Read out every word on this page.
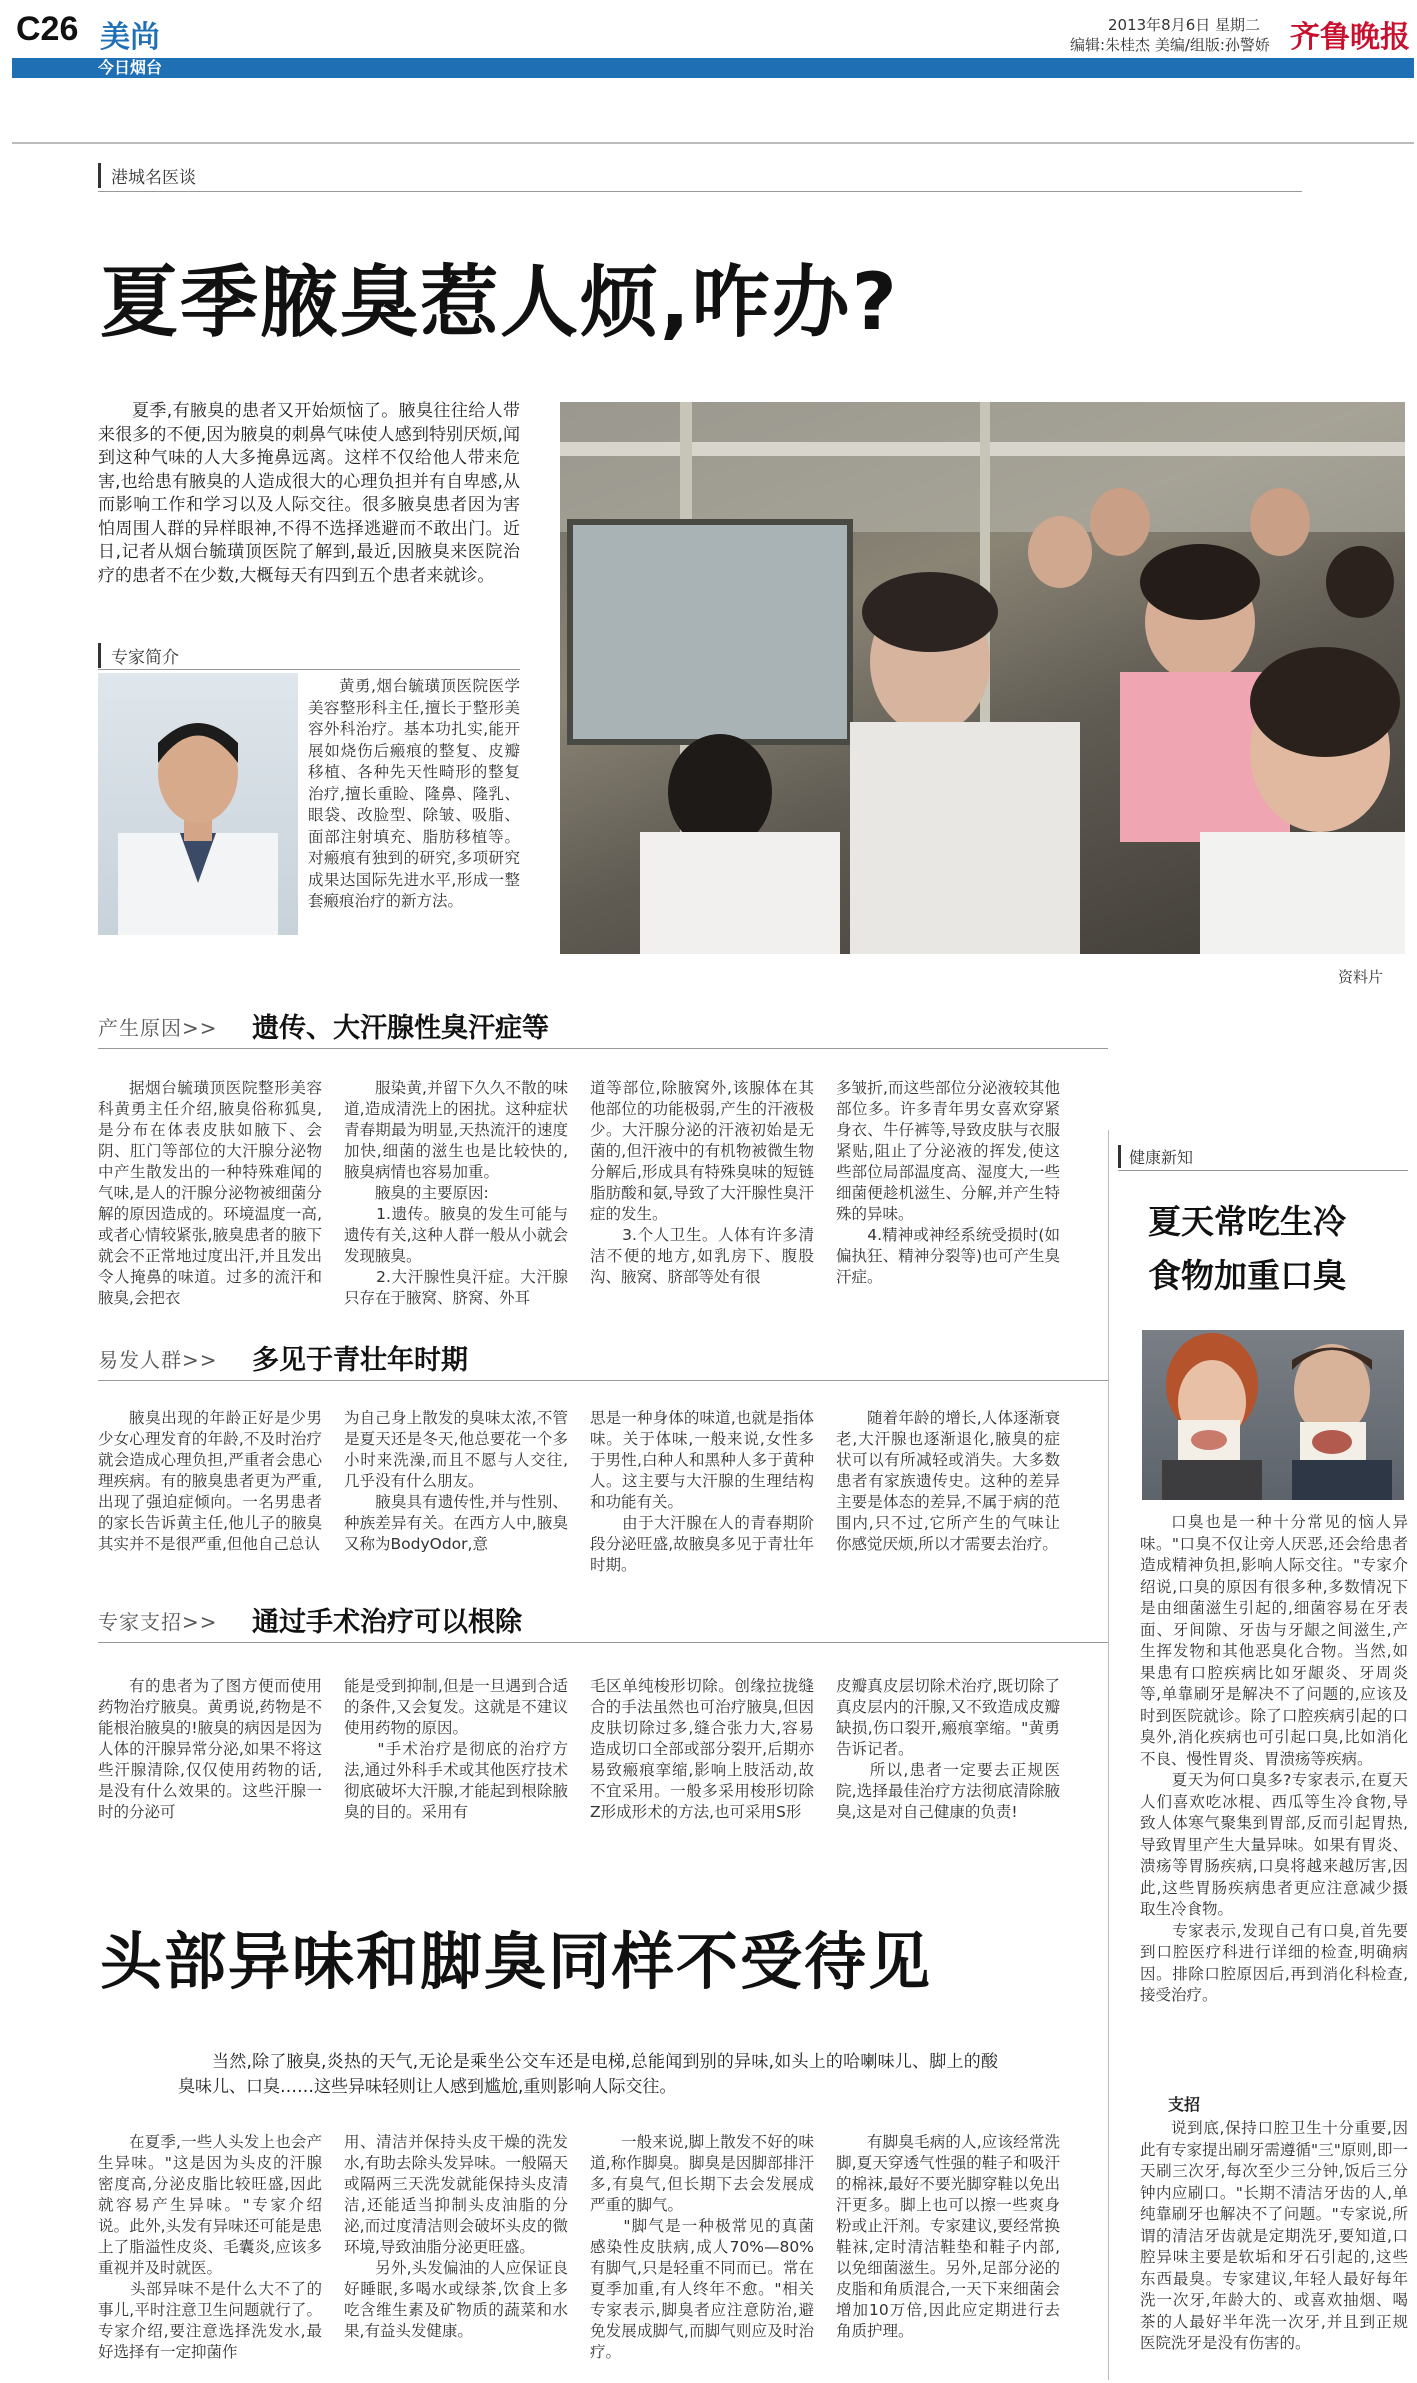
C26 美尚
今日烟台
2013年8月6日 星期二
编辑:朱桂杰 美编/组版:孙警娇 齐鲁晚报
港城名医谈
夏季腋臭惹人烦,咋办?
夏季,有腋臭的患者又开始烦恼了。腋臭往往给人带来很多的不便,因为腋臭的刺鼻气味使人感到特别厌烦,闻到这种气味的人大多掩鼻远离。这样不仅给他人带来危害,也给患有腋臭的人造成很大的心理负担并有自卑感,从而影响工作和学习以及人际交往。很多腋臭患者因为害怕周围人群的异样眼神,不得不选择逃避而不敢出门。近日,记者从烟台毓璜顶医院了解到,最近,因腋臭来医院治疗的患者不在少数,大概每天有四到五个患者来就诊。
资料片
专家简介
黄勇,烟台毓璜顶医院医学美容整形科主任,擅长于整形美容外科治疗。基本功扎实,能开展如烧伤后瘢痕的整复、皮瓣移植、各种先天性畸形的整复治疗,擅长重睑、隆鼻、隆乳、眼袋、改脸型、除皱、吸脂、面部注射填充、脂肪移植等。对瘢痕有独到的研究,多项研究成果达国际先进水平,形成一整套瘢痕治疗的新方法。
产生原因>> 遗传、大汗腺性臭汗症等
据烟台毓璜顶医院整形美容科黄勇主任介绍,腋臭俗称狐臭,是分布在体表皮肤如腋下、会阴、肛门等部位的大汗腺分泌物中产生散发出的一种特殊难闻的气味,是人的汗腺分泌物被细菌分解的原因造成的。环境温度一高,或者心情较紧张,腋臭患者的腋下就会不正常地过度出汗,并且发出令人掩鼻的味道。过多的流汗和腋臭,会把衣
服染黄,并留下久久不散的味道,造成清洗上的困扰。这种症状青春期最为明显,天热流汗的速度加快,细菌的滋生也是比较快的,腋臭病情也容易加重。
　　腋臭的主要原因:
　　1.遗传。腋臭的发生可能与遗传有关,这种人群一般从小就会发现腋臭。
　　2.大汗腺性臭汗症。大汗腺只存在于腋窝、脐窝、外耳
道等部位,除腋窝外,该腺体在其他部位的功能极弱,产生的汗液极少。大汗腺分泌的汗液初始是无菌的,但汗液中的有机物被微生物分解后,形成具有特殊臭味的短链脂肪酸和氨,导致了大汗腺性臭汗症的发生。
　　3.个人卫生。人体有许多清洁不便的地方,如乳房下、腹股沟、腋窝、脐部等处有很
多皱折,而这些部位分泌液较其他部位多。许多青年男女喜欢穿紧身衣、牛仔裤等,导致皮肤与衣服紧贴,阻止了分泌液的挥发,使这些部位局部温度高、湿度大,一些细菌便趁机滋生、分解,并产生特殊的异味。
　　4.精神或神经系统受损时(如偏执狂、精神分裂等)也可产生臭汗症。
易发人群>> 多见于青壮年时期
腋臭出现的年龄正好是少男少女心理发育的年龄,不及时治疗就会造成心理负担,严重者会患心理疾病。有的腋臭患者更为严重,出现了强迫症倾向。一名男患者的家长告诉黄主任,他儿子的腋臭其实并不是很严重,但他自己总认
为自己身上散发的臭味太浓,不管是夏天还是冬天,他总要花一个多小时来洗澡,而且不愿与人交往,几乎没有什么朋友。
　　腋臭具有遗传性,并与性别、种族差异有关。在西方人中,腋臭又称为BodyOdor,意
思是一种身体的味道,也就是指体味。关于体味,一般来说,女性多于男性,白种人和黑种人多于黄种人。这主要与大汗腺的生理结构和功能有关。
　　由于大汗腺在人的青春期阶段分泌旺盛,故腋臭多见于青壮年时期。
随着年龄的增长,人体逐渐衰老,大汗腺也逐渐退化,腋臭的症状可以有所减轻或消失。大多数患者有家族遗传史。这种的差异主要是体态的差异,不属于病的范围内,只不过,它所产生的气味让你感觉厌烦,所以才需要去治疗。
专家支招>> 通过手术治疗可以根除
有的患者为了图方便而使用药物治疗腋臭。黄勇说,药物是不能根治腋臭的!腋臭的病因是因为人体的汗腺异常分泌,如果不将这些汗腺清除,仅仅使用药物的话,是没有什么效果的。这些汗腺一时的分泌可
能是受到抑制,但是一旦遇到合适的条件,又会复发。这就是不建议使用药物的原因。
　　"手术治疗是彻底的治疗方法,通过外科手术或其他医疗技术彻底破坏大汗腺,才能起到根除腋臭的目的。采用有
毛区单纯梭形切除。创缘拉拢缝合的手法虽然也可治疗腋臭,但因皮肤切除过多,缝合张力大,容易造成切口全部或部分裂开,后期亦易致瘢痕挛缩,影响上肢活动,故不宜采用。一般多采用梭形切除Z形成形术的方法,也可采用S形
皮瓣真皮层切除术治疗,既切除了真皮层内的汗腺,又不致造成皮瓣缺损,伤口裂开,瘢痕挛缩。"黄勇告诉记者。
　　所以,患者一定要去正规医院,选择最佳治疗方法彻底清除腋臭,这是对自己健康的负责!
头部异味和脚臭同样不受待见
当然,除了腋臭,炎热的天气,无论是乘坐公交车还是电梯,总能闻到别的异味,如头上的哈喇味儿、脚上的酸臭味儿、口臭……这些异味轻则让人感到尴尬,重则影响人际交往。
在夏季,一些人头发上也会产生异味。"这是因为头皮的汗腺密度高,分泌皮脂比较旺盛,因此就容易产生异味。"专家介绍说。此外,头发有异味还可能是患上了脂溢性皮炎、毛囊炎,应该多重视并及时就医。
　　头部异味不是什么大不了的事儿,平时注意卫生问题就行了。专家介绍,要注意选择洗发水,最好选择有一定抑菌作
用、清洁并保持头皮干燥的洗发水,有助去除头发异味。一般隔天或隔两三天洗发就能保持头皮清洁,还能适当抑制头皮油脂的分泌,而过度清洁则会破坏头皮的微环境,导致油脂分泌更旺盛。
　　另外,头发偏油的人应保证良好睡眠,多喝水或绿茶,饮食上多吃含维生素及矿物质的蔬菜和水果,有益头发健康。
一般来说,脚上散发不好的味道,称作脚臭。脚臭是因脚部排汗多,有臭气,但长期下去会发展成严重的脚气。
　　"脚气是一种极常见的真菌感染性皮肤病,成人70%—80%有脚气,只是轻重不同而已。常在夏季加重,有人终年不愈。"相关专家表示,脚臭者应注意防治,避免发展成脚气,而脚气则应及时治疗。
有脚臭毛病的人,应该经常洗脚,夏天穿透气性强的鞋子和吸汗的棉袜,最好不要光脚穿鞋以免出汗更多。脚上也可以擦一些爽身粉或止汗剂。专家建议,要经常换鞋袜,定时清洁鞋垫和鞋子内部,以免细菌滋生。另外,足部分泌的皮脂和角质混合,一天下来细菌会增加10万倍,因此应定期进行去角质护理。
健康新知
夏天常吃生冷
食物加重口臭
口臭也是一种十分常见的恼人异味。"口臭不仅让旁人厌恶,还会给患者造成精神负担,影响人际交往。"专家介绍说,口臭的原因有很多种,多数情况下是由细菌滋生引起的,细菌容易在牙表面、牙间隙、牙齿与牙龈之间滋生,产生挥发物和其他恶臭化合物。当然,如果患有口腔疾病比如牙龈炎、牙周炎等,单靠刷牙是解决不了问题的,应该及时到医院就诊。除了口腔疾病引起的口臭外,消化疾病也可引起口臭,比如消化不良、慢性胃炎、胃溃疡等疾病。
　　夏天为何口臭多?专家表示,在夏天人们喜欢吃冰棍、西瓜等生冷食物,导致人体寒气聚集到胃部,反而引起胃热,导致胃里产生大量异味。如果有胃炎、溃疡等胃肠疾病,口臭将越来越厉害,因此,这些胃肠疾病患者更应注意减少摄取生冷食物。
　　专家表示,发现自己有口臭,首先要到口腔医疗科进行详细的检查,明确病因。排除口腔原因后,再到消化科检查,接受治疗。
支招
说到底,保持口腔卫生十分重要,因此有专家提出刷牙需遵循"三"原则,即一天刷三次牙,每次至少三分钟,饭后三分钟内应刷口。"长期不清洁牙齿的人,单纯靠刷牙也解决不了问题。"专家说,所谓的清洁牙齿就是定期洗牙,要知道,口腔异味主要是软垢和牙石引起的,这些东西最臭。专家建议,年轻人最好每年洗一次牙,年龄大的、或喜欢抽烟、喝茶的人最好半年洗一次牙,并且到正规医院洗牙是没有伤害的。
